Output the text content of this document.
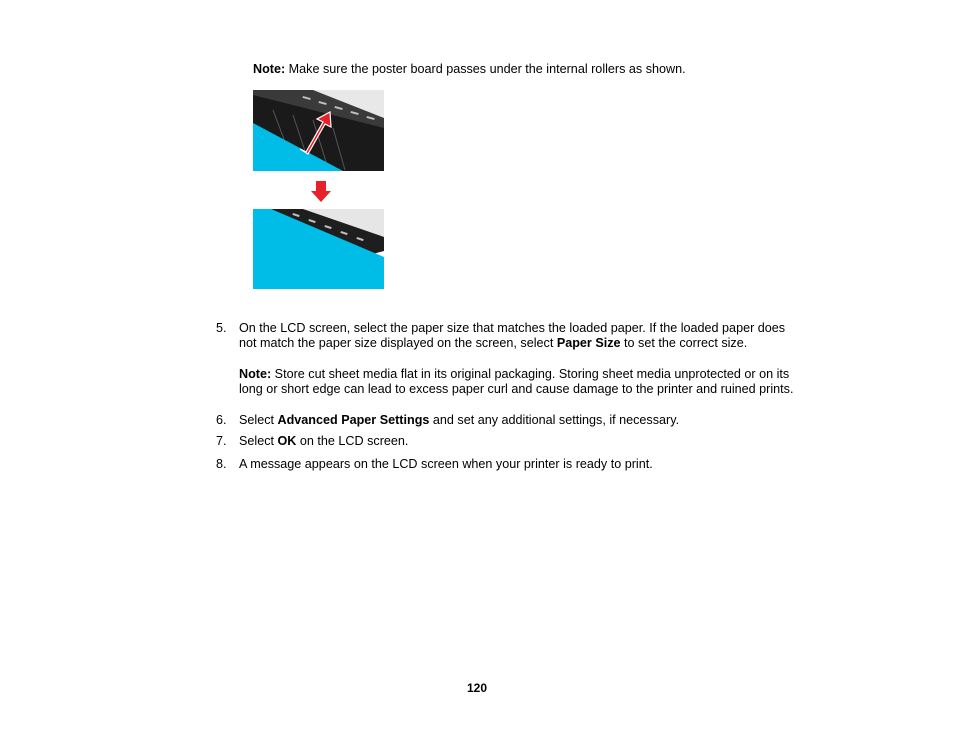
Note: Make sure the poster board passes under the internal rollers as shown.
5. On the LCD screen, select the paper size that matches the loaded paper. If the loaded paper does
not match the paper size displayed on the screen, select Paper Size to set the correct size.
Note: Store cut sheet media flat in its original packaging. Storing sheet media unprotected or on its
long or short edge can lead to excess paper curl and cause damage to the printer and ruined prints.
6. Select Advanced Paper Settings and set any additional settings, if necessary.
7. Select OK on the LCD screen.
8. A message appears on the LCD screen when your printer is ready to print.
120
